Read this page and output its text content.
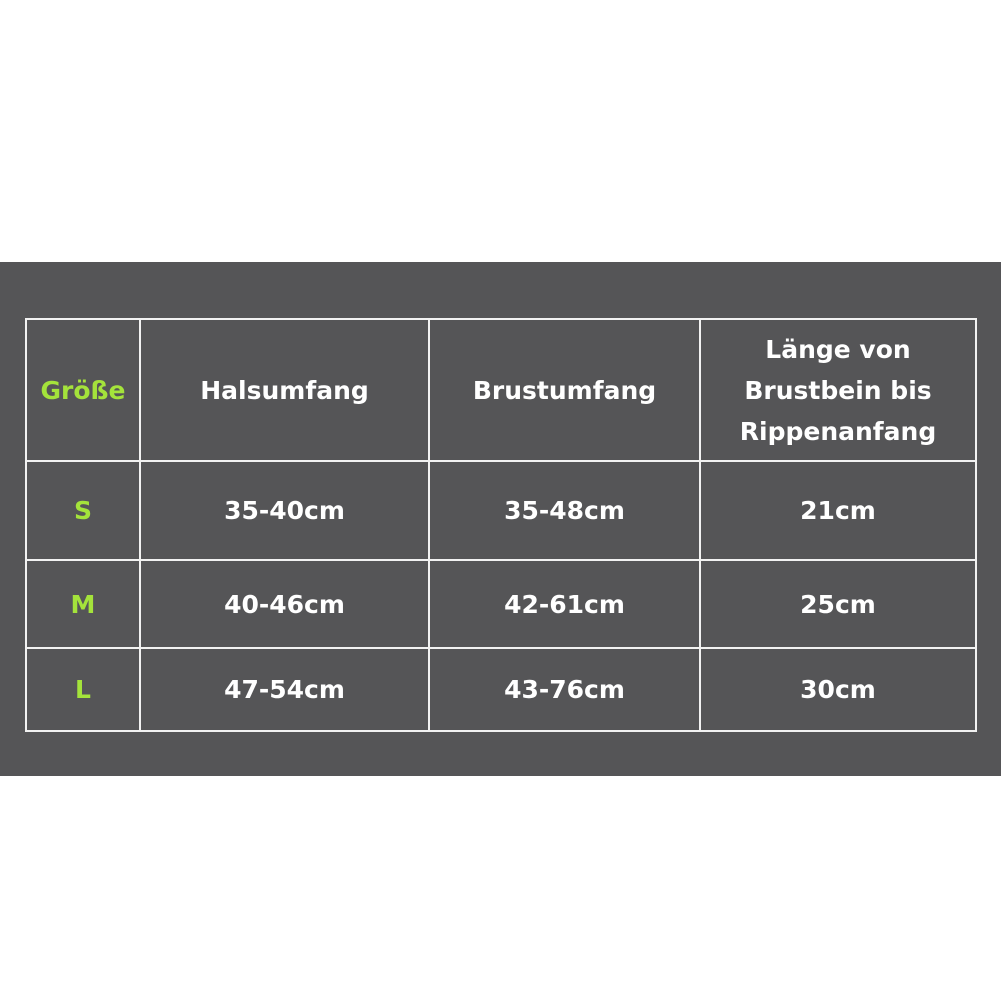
Größe	Halsumfang	Brustumfang	Länge von Brustbein bis Rippenanfang
S	35-40cm	35-48cm	21cm
M	40-46cm	42-61cm	25cm
L	47-54cm	43-76cm	30cm
